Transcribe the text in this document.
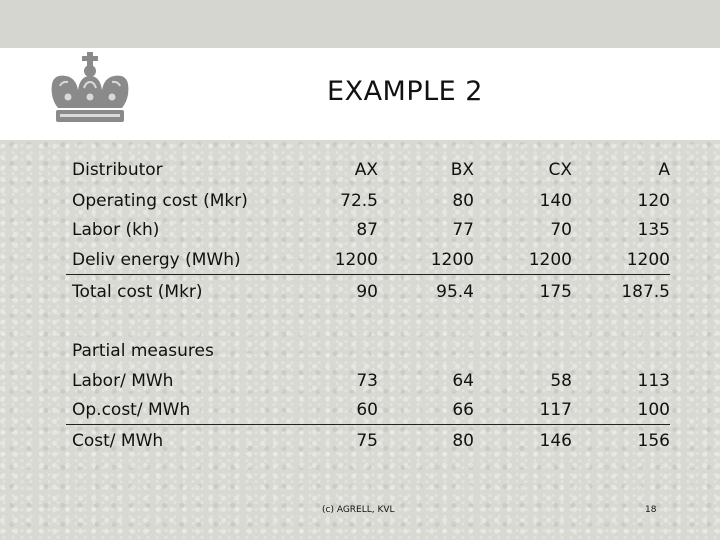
EXAMPLE 2
Distributor	AX	BX	CX	A
Operating cost (Mkr)	72.5	80	140	120
Labor (kh)	87	77	70	135
Deliv energy (MWh)	1200	1200	1200	1200
Total cost (Mkr)	90	95.4	175	187.5
Partial measures
Labor/ MWh	73	64	58	113
Op.cost/ MWh	60	66	117	100
Cost/ MWh	75	80	146	156
(c) AGRELL, KVL	18
